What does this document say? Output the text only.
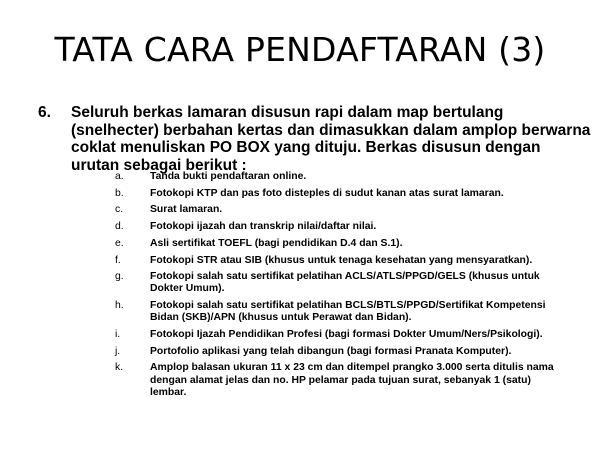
TATA CARA PENDAFTARAN (3)
6. Seluruh berkas lamaran disusun rapi dalam map bertulang (snelhecter) berbahan kertas dan dimasukkan dalam amplop berwarna coklat menuliskan PO BOX yang dituju. Berkas disusun dengan urutan sebagai berikut :
a.	Tanda bukti pendaftaran online.
b.	Fotokopi KTP dan pas foto disteples di sudut kanan atas surat lamaran.
c.	Surat lamaran.
d.	Fotokopi ijazah dan transkrip nilai/daftar nilai.
e.	Asli sertifikat TOEFL (bagi pendidikan D.4 dan S.1).
f.	Fotokopi STR atau SIB (khusus untuk tenaga kesehatan yang mensyaratkan).
g.	Fotokopi salah satu sertifikat pelatihan ACLS/ATLS/PPGD/GELS (khusus untuk Dokter Umum).
h.	Fotokopi salah satu sertifikat pelatihan BCLS/BTLS/PPGD/Sertifikat Kompetensi Bidan (SKB)/APN (khusus untuk Perawat dan Bidan).
i.	Fotokopi Ijazah Pendidikan Profesi (bagi formasi Dokter Umum/Ners/Psikologi).
j.	Portofolio aplikasi yang telah dibangun (bagi formasi Pranata Komputer).
k.	Amplop balasan ukuran 11 x 23 cm dan ditempel prangko 3.000 serta ditulis nama dengan alamat jelas dan no. HP pelamar pada tujuan surat, sebanyak 1 (satu) lembar.
